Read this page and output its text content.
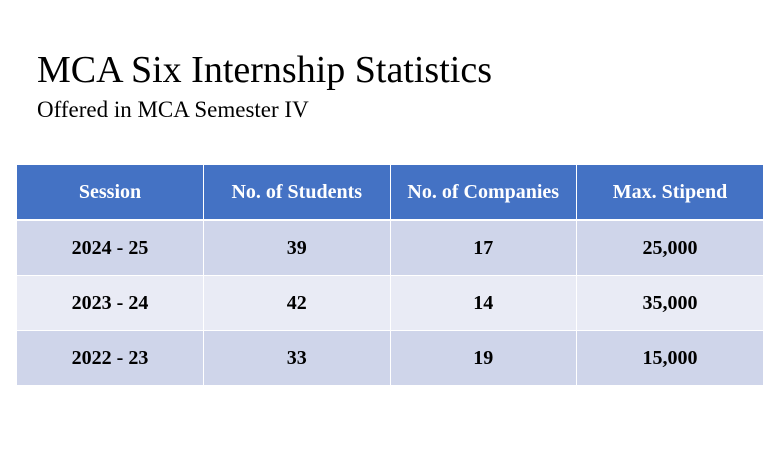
MCA Six Internship Statistics
Offered in MCA Semester IV
Session	No. of Students	No. of Companies	Max. Stipend
2024 - 25	39	17	25,000
2023 - 24	42	14	35,000
2022 - 23	33	19	15,000
